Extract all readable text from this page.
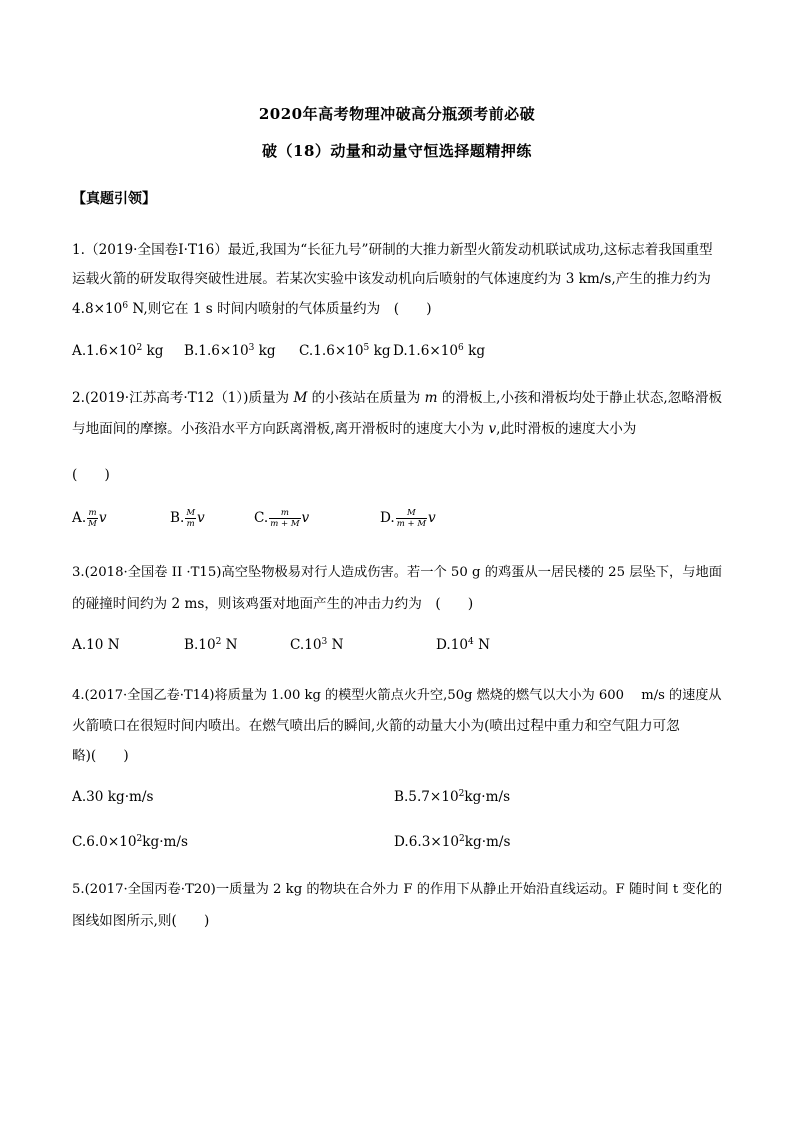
2020年高考物理冲破高分瓶颈考前必破
破（18）动量和动量守恒选择题精押练
【真题引领】
1.（2019·全国卷Ⅰ·T16）最近,我国为“长征九号”研制的大推力新型火箭发动机联试成功,这标志着我国重型
运载火箭的研发取得突破性进展。若某次实验中该发动机向后喷射的气体速度约为 3 km/s,产生的推力约为
$4.8\times 10^6$ N,则它在 1 s 时间内喷射的气体质量约为　(　　)
$A.1.6\times 10^2$ kg $B.1.6\times 10^3$ kg $C.1.6\times 10^5$ kg $D.1.6\times 10^6$ kg
2.(2019·江苏高考·T12（1）)质量为 M 的小孩站在质量为 m 的滑板上,小孩和滑板均处于静止状态,忽略滑板
与地面间的摩擦。小孩沿水平方向跃离滑板,离开滑板时的速度大小为 v,此时滑板的速度大小为
(　　)
A. $\frac{m}{M}$ v	B. $\frac{M}{m}$ v	C. $\frac{m}{m + M}$ v	D. $\frac{M}{m + M}$ v
3.(2018·全国卷 II ·T15)高空坠物极易对行人造成伤害。若一个 50 g 的鸡蛋从一居民楼的 25 层坠下，与地面
的碰撞时间约为 2 ms，则该鸡蛋对地面产生的冲击力约为　(　　)
A.10 N	$B.10^2$ N	$C.10^3$ N	$D.10^4$ N
4.(2017·全国乙卷·T14)将质量为 1.00 kg 的模型火箭点火升空,50g 燃烧的燃气以大小为 600　 m/s 的速度从
火箭喷口在很短时间内喷出。在燃气喷出后的瞬间,火箭的动量大小为(喷出过程中重力和空气阻力可忽
略)(　　)
A.30 kg·m/s	$B.5.7\times 10^2kg\cdot m/s$
$C.6.0\times 10^2kg\cdot m/s$	$D.6.3\times 10^2kg\cdot m/s$
5.(2017·全国丙卷·T20)一质量为 2 kg 的物块在合外力 F 的作用下从静止开始沿直线运动。F 随时间 t 变化的
图线如图所示,则(　　)
